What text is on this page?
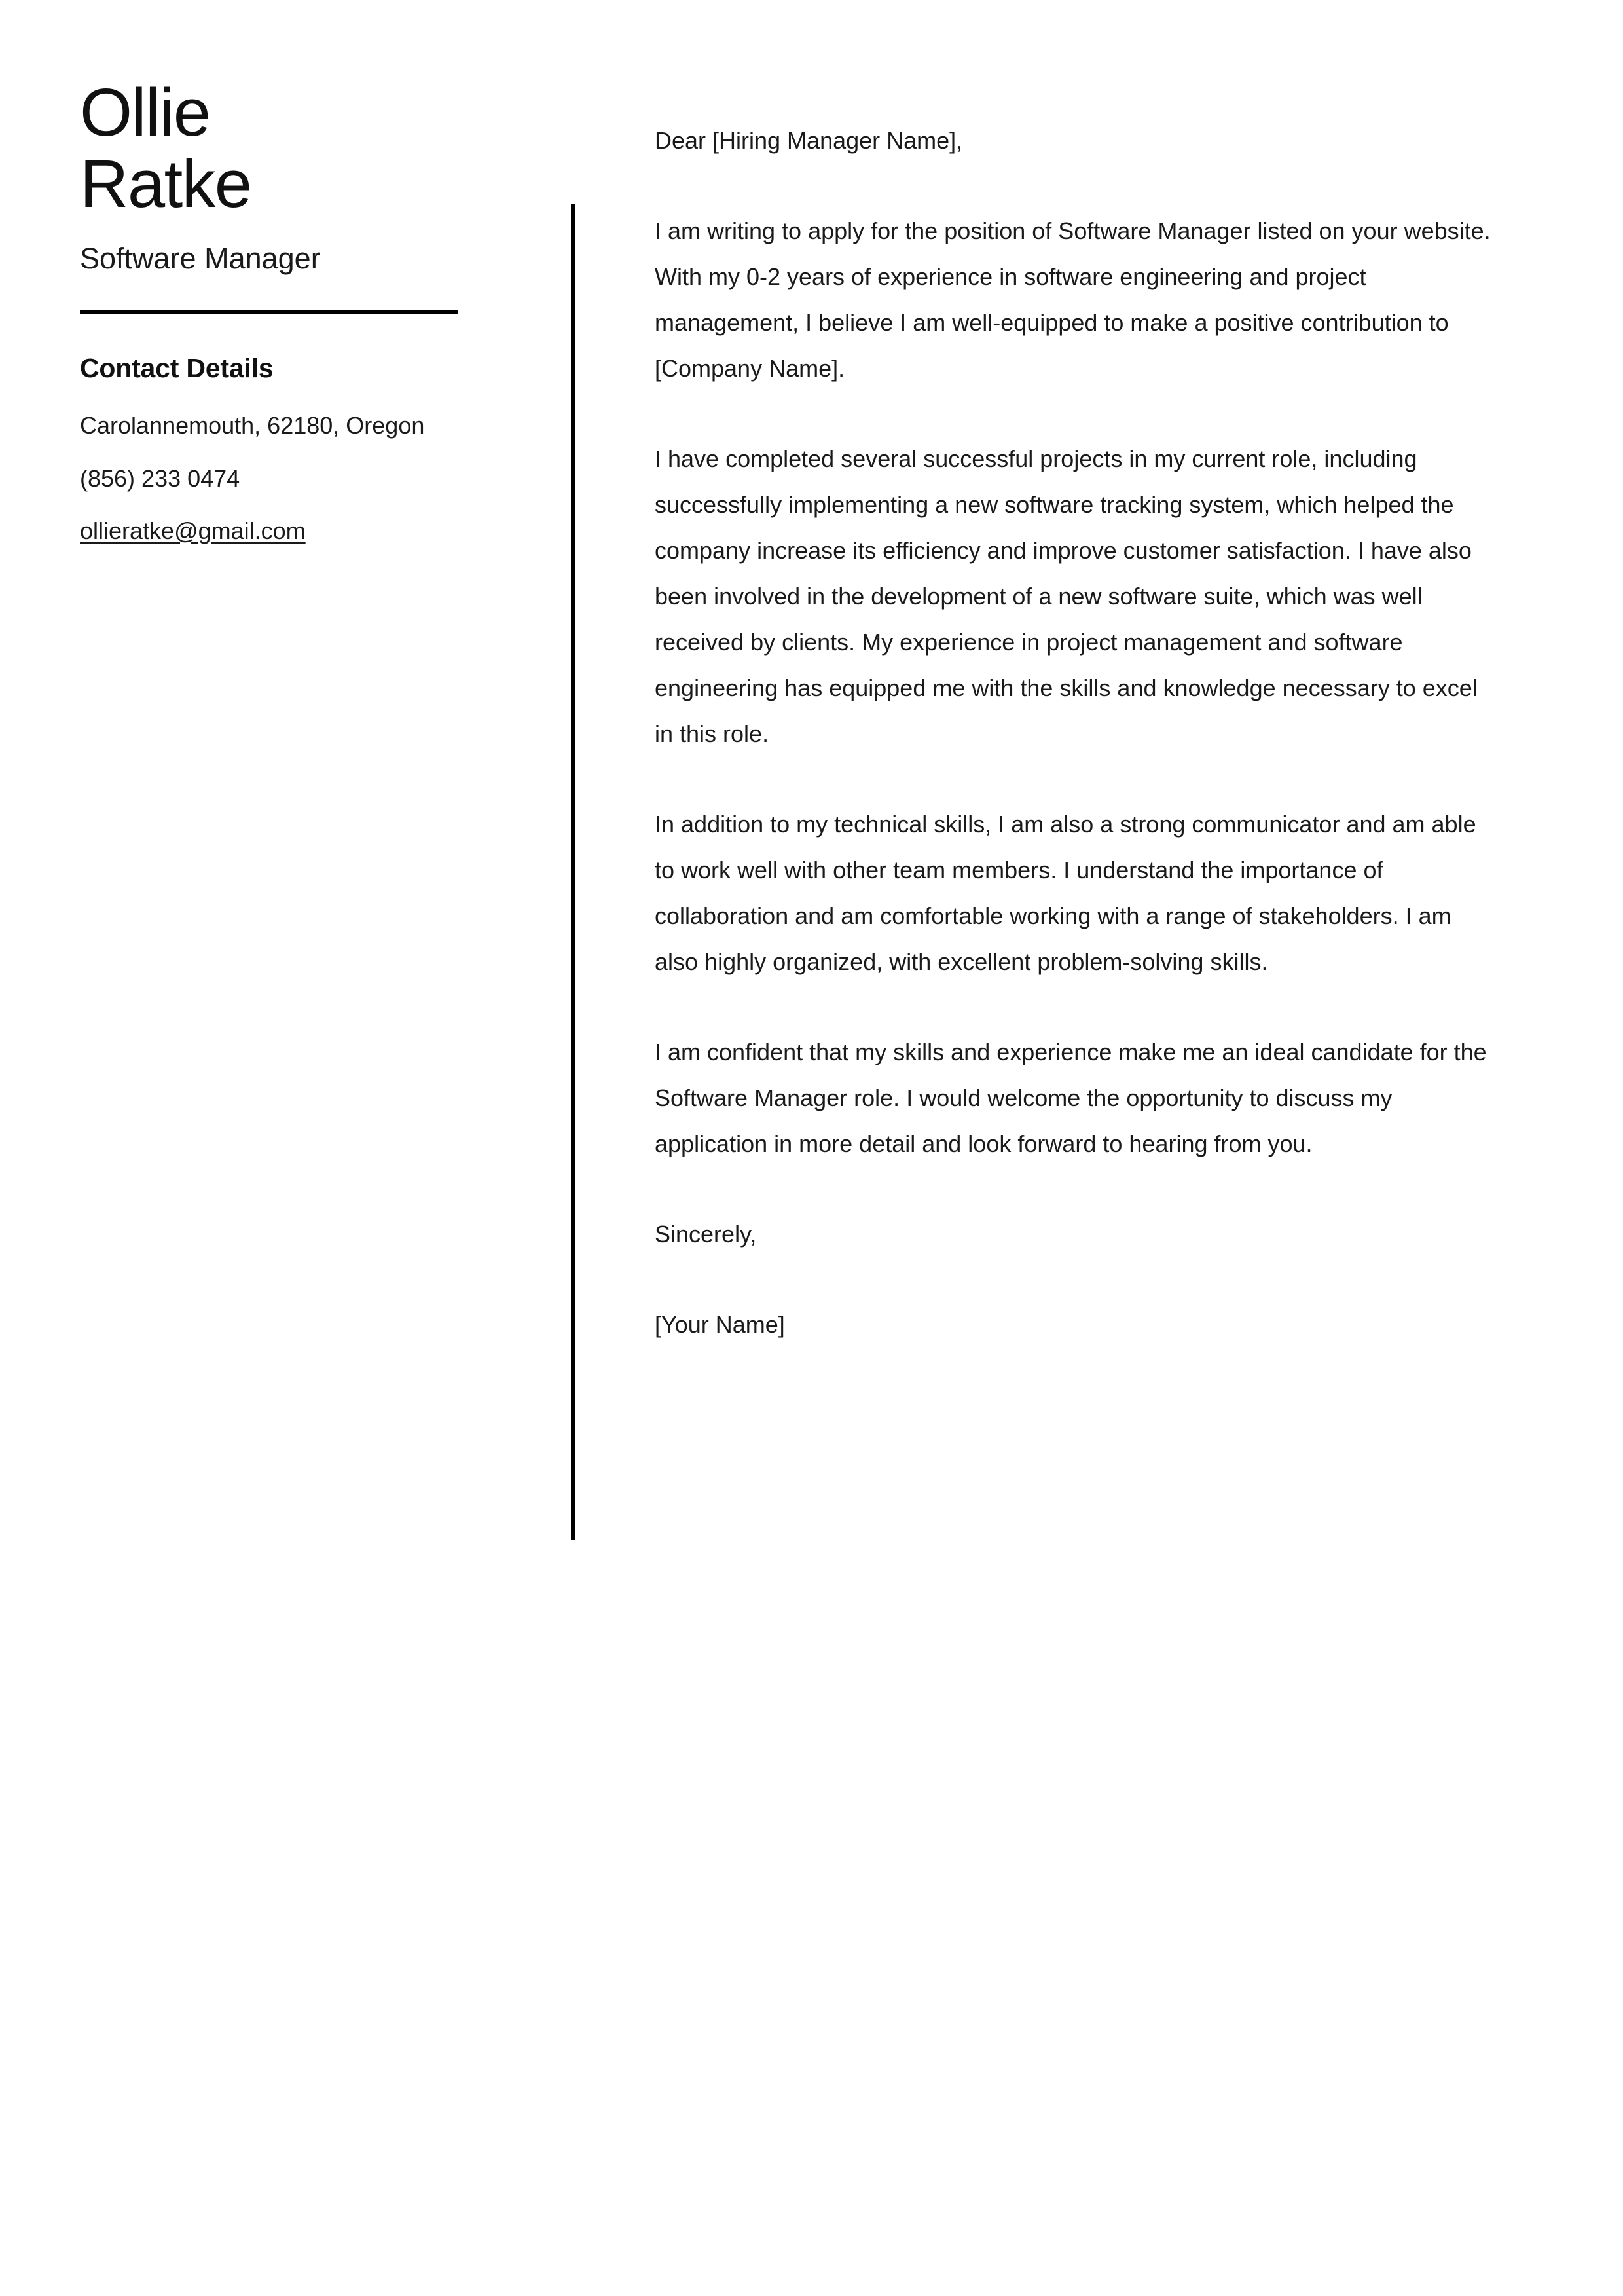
Ollie
Ratke
Software Manager
Contact Details
Carolannemouth, 62180, Oregon
(856) 233 0474
ollieratke@gmail.com

Dear [Hiring Manager Name],

I am writing to apply for the position of Software Manager listed on your website. With my 0-2 years of experience in software engineering and project management, I believe I am well-equipped to make a positive contribution to [Company Name].

I have completed several successful projects in my current role, including successfully implementing a new software tracking system, which helped the company increase its efficiency and improve customer satisfaction. I have also been involved in the development of a new software suite, which was well received by clients. My experience in project management and software engineering has equipped me with the skills and knowledge necessary to excel in this role.

In addition to my technical skills, I am also a strong communicator and am able to work well with other team members. I understand the importance of collaboration and am comfortable working with a range of stakeholders. I am also highly organized, with excellent problem-solving skills.

I am confident that my skills and experience make me an ideal candidate for the Software Manager role. I would welcome the opportunity to discuss my application in more detail and look forward to hearing from you.

Sincerely,

[Your Name]
